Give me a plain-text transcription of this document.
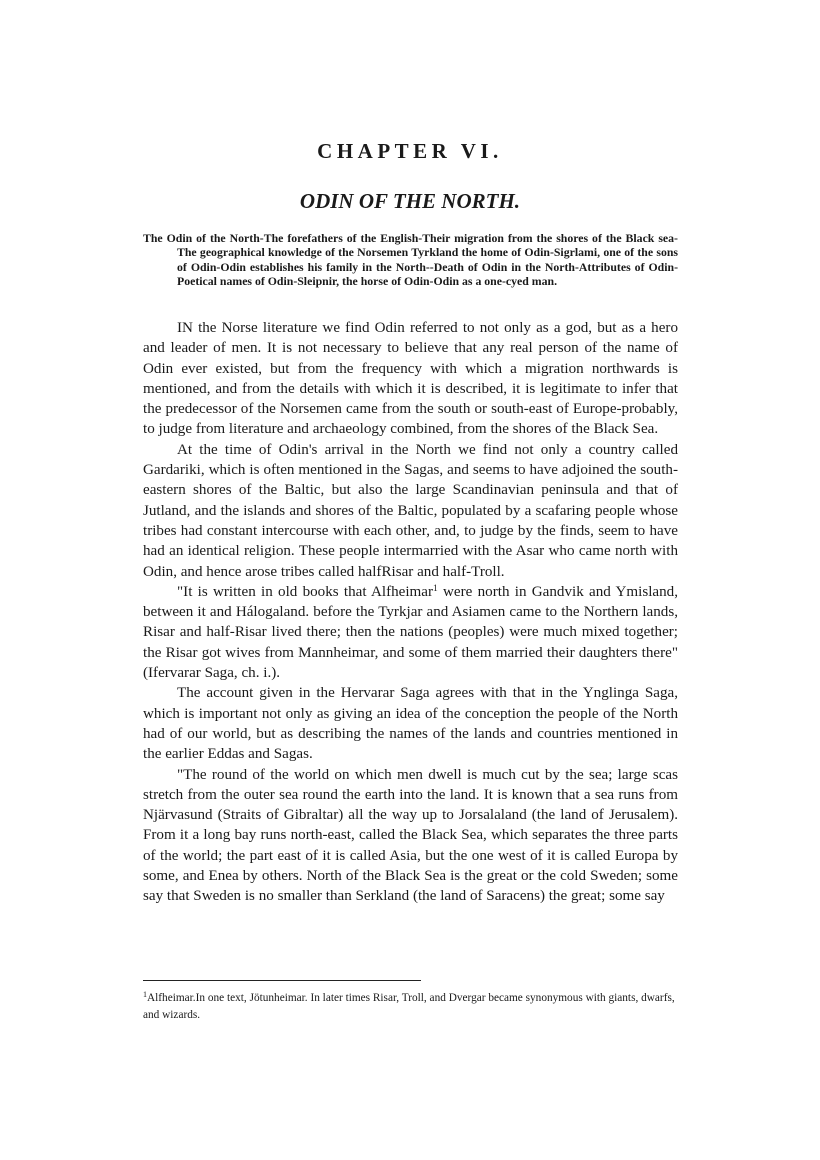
CHAPTER VI.
ODIN OF THE NORTH.

The Odin of the North-The forefathers of the English-Their migration from the shores of the Black sea-The geographical knowledge of the Norsemen Tyrkland the home of Odin-Sigrlami, one of the sons of Odin-Odin establishes his family in the North--Death of Odin in the North-Attributes of Odin-Poetical names of Odin-Sleipnir, the horse of Odin-Odin as a one-cyed man.

IN the Norse literature we find Odin referred to not only as a god, but as a hero and leader of men. It is not necessary to believe that any real person of the name of Odin ever existed, but from the frequency with which a migration northwards is mentioned, and from the details with which it is described, it is legitimate to infer that the predecessor of the Norsemen came from the south or south-east of Europe-probably, to judge from literature and archaeology combined, from the shores of the Black Sea.

At the time of Odin's arrival in the North we find not only a country called Gardariki, which is often mentioned in the Sagas, and seems to have adjoined the south-eastern shores of the Baltic, but also the large Scandinavian peninsula and that of Jutland, and the islands and shores of the Baltic, populated by a scafaring people whose tribes had constant intercourse with each other, and, to judge by the finds, seem to have had an identical religion. These people intermarried with the Asar who came north with Odin, and hence arose tribes called halfRisar and half-Troll.

"It is written in old books that Alfheimar$^1$ were north in Gandvik and Ymisland, between it and Hálogaland. before the Tyrkjar and Asiamen came to the Northern lands, Risar and half-Risar lived there; then the nations (peoples) were much mixed together; the Risar got wives from Mannheimar, and some of them married their daughters there" (Ifervarar Saga, ch. i.).

The account given in the Hervarar Saga agrees with that in the Ynglinga Saga, which is important not only as giving an idea of the conception the people of the North had of our world, but as describing the names of the lands and countries mentioned in the earlier Eddas and Sagas.

"The round of the world on which men dwell is much cut by the sea; large scas stretch from the outer sea round the earth into the land. It is known that a sea runs from Njärvasund (Straits of Gibraltar) all the way up to Jorsalaland (the land of Jerusalem). From it a long bay runs north-east, called the Black Sea, which separates the three parts of the world; the part east of it is called Asia, but the one west of it is called Europa by some, and Enea by others. North of the Black Sea is the great or the cold Sweden; some say that Sweden is no smaller than Serkland (the land of Saracens) the great; some say

$^1$Alfheimar.In one text, Jötunheimar. In later times Risar, Troll, and Dvergar became synonymous with giants, dwarfs, and wizards.
